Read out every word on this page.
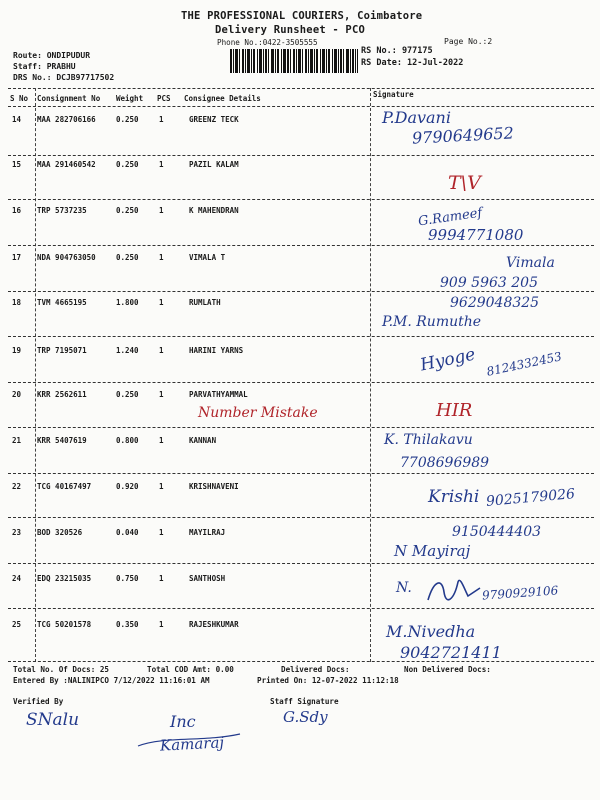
THE PROFESSIONAL COURIERS, Coimbatore
Delivery Runsheet - PCO
Phone No.:0422-3505555	Page No.:2
Route: ONDIPUDUR
Staff: PRABHU
DRS No.: DCJB97717502
RS No.: 977175
RS Date: 12-Jul-2022
S No Consignment No Weight PCS Consignee Details	Signature
14 MAA 282706166	0.250	1	GREENZ TECK	P.Davani
9790649652
15 MAA 291460542	0.250	1	PAZIL KALAM
T\V
16 TRP 5737235	0.250	1	K MAHENDRAN	G.Rameef
9994771080
17 NDA 904763050	0.250	1	VIMALA T	Vimala
909 5963 205
18 TVM 4665195	1.800	1	RUMLATH	9629048325
P.M. Rumuthe
19 TRP 7195071	1.240	1	HARINI YARNS	Hyoge 8124332453
20 KRR 2562611	0.250	1	PARVATHYAMMAL
Number Mistake	HIR
21 KRR 5407619	0.800	1	KANNAN	K. Thilakavu
7708696989
22 TCG 40167497	0.920	1	KRISHNAVENI
Krishi 9025179026
23 BOD 320526	0.040	1	MAYILRAJ	9150444403
N Mayiraj
24 EDQ 23215035	0.750	1	SANTHOSH
N.	9790929106
25 TCG 50201578	0.350	1	RAJESHKUMAR	M.Nivedha
9042721411
Total No. Of Docs: 25	Total COD Amt: 0.00	Delivered Docs:	Non Delivered Docs:
Entered By :NALINIPCO 7/12/2022 11:16:01 AM	Printed On: 12-07-2022 11:12:18
Verified By	Staff Signature
SNalu	G.Sdy
Inc
Kamaraj
